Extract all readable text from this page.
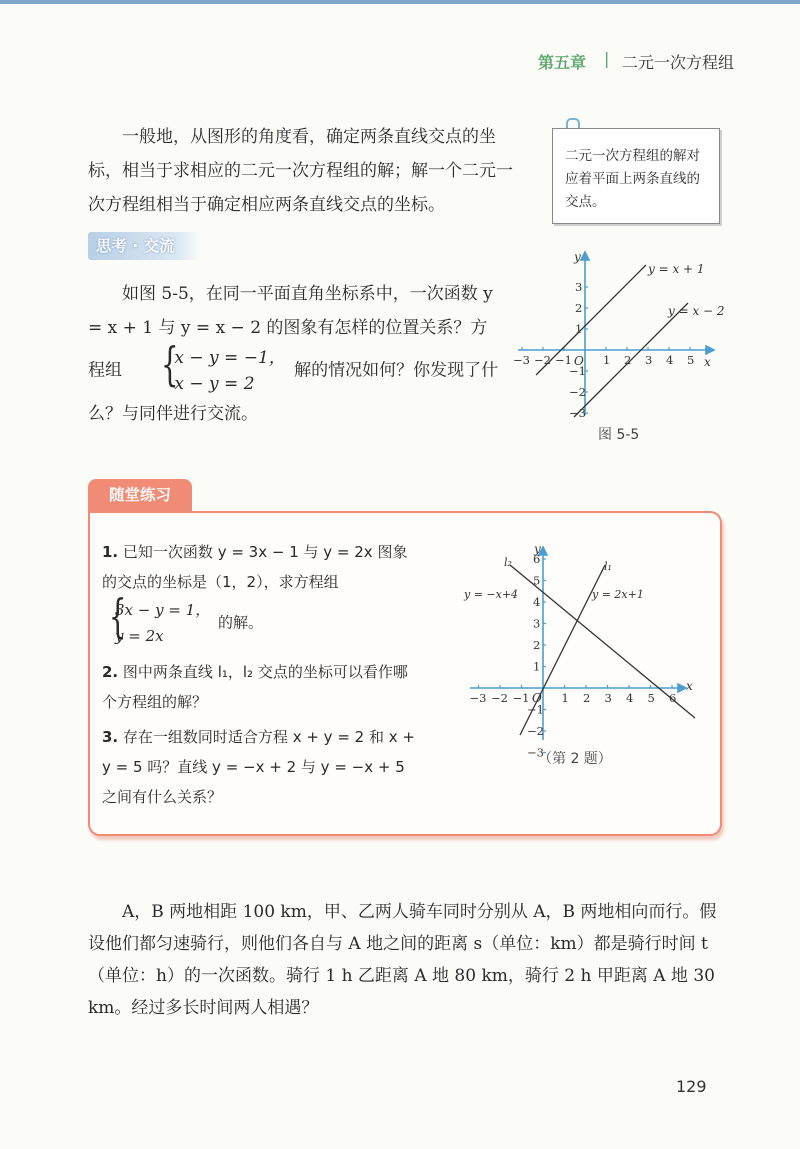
第五章 | 二元一次方程组

一般地，从图形的角度看，确定两条直线交点的坐标，相当于求相应的二元一次方程组的解；解一个二元一次方程组相当于确定相应两条直线交点的坐标。

二元一次方程组的解对应着平面上两条直线的交点。
思考 · 交流
如图 5-5，在同一平面直角坐标系中，一次函数 y = x + 1 与 y = x − 2 的图象有怎样的位置关系？方程组 {
x − y = −1，
x − y = 2
解的情况如何？你发现了什么？与同伴进行交流。
y = x + 1
y = x − 2
x
y
O
−3 −2 −1	1 2 3 4 5
3
2
1
−1
−2
−3
图 5-5
随堂练习
1. 已知一次函数 y = 3x − 1 与 y = 2x 图象的交点的坐标是（1，2），求方程组
{
3x − y = 1，
y = 2x
的解。
2. 图中两条直线 l₁，l₂ 交点的坐标可以看作哪个方程组的解？
3. 存在一组数同时适合方程 x + y = 2 和 x + y = 5 吗？直线 y = −x + 2 与 y = −x + 5 之间有什么关系？
l₂	l₁
y = 2x+1
y = −x+4
x
y
O
−3 −2 −1	1 2 3 4 5 6
6
5
4
3
2
1
−1
−2
−3
（第 2 题）

A，B 两地相距 100 km，甲、乙两人骑车同时分别从 A，B 两地相向而行。假设他们都匀速骑行，则他们各自与 A 地之间的距离 s（单位：km）都是骑行时间 t（单位：h）的一次函数。骑行 1 h 乙距离 A 地 80 km，骑行 2 h 甲距离 A 地 30 km。经过多长时间两人相遇？

129
